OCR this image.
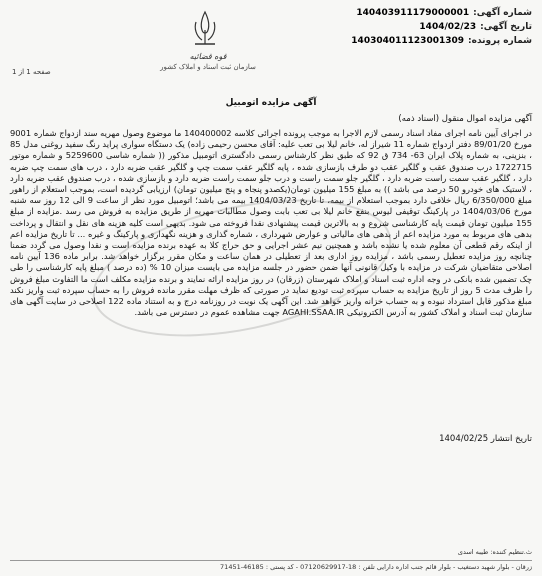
شماره آگهی:140403911179000001
تاریخ آگهی:1404/02/23
شماره پرونده:140304011123001309
قوه قضائیه
سازمان ثبت اسناد و املاک کشور
صفحه 1 از 1
آگهی مزایده اتومبیل
آگهی مزایده اموال منقول (اسناد ذمه)

در اجرای آیین نامه اجرای مفاد اسناد رسمی لازم الاجرا به موجب پرونده اجرائی کلاسه 140400002 ما موضوع وصول مهریه سند ازدواج شماره 9001 مورخ 89/01/20 دفتر ازدواج شماره 11 شیراز له، خانم لیلا بی تعب علیه: آقای محسن رحیمی زاده) یک دستگاه سواری پراید رنگ سفید روغنی مدل 85 ، بنزینی، به شماره پلاک ایران 63- 734 ق 92 که طبق نظر کارشناس رسمی دادگستری اتومبیل مذکور (( شماره شاسی 5259600 و شماره موتور 1722715 درب صندوق عقب و گلگیر عقب دو طرف بازسازی شده ، پایه گلگیر عقب سمت چپ و گلگیر عقب ضربه دارد ، درب های سمت چپ ضربه دارد ، گلگیر عقب سمت راست ضربه دارد ، گلگیر جلو سمت راست و درب جلو سمت راست ضربه دارد و بازسازی شده ، درب صندوق عقب ضربه دارد ، لاستیک های خودرو 50 درصد می باشد )) به مبلغ 155 میلیون تومان(یکصدو پنجاه و پنج میلیون تومان) ارزیابی گردیده است، بموجب استعلام از راهور مبلغ 6/350/000 ریال خلافی دارد بموجب استعلام از بیمه، تا تاریخ 1404/03/23 بیمه می باشد؛ اتومبیل مورد نظر از ساعت 9 الی 12 روز سه شنبه مورخ 1404/03/06 در پارکینگ توقیفی لیوس بنفع خانم لیلا بی تعب بابت وصول مطالبات مهریه از طریق مزایده به فروش می رسد .مزایده از مبلغ 155 میلیون تومان قیمت پایه کارشناسی شروع و به بالاترین قیمت پیشنهادی نقدا فروخته می شود. بدیهی است کلیه هزینه های نقل و انتقال و پرداخت بدهی های مربوط به مورد مزایده اعم از بدهی های مالیاتی و عوارض شهرداری ، شماره گذاری و هزینه نگهداری و پارکینگ و غیره ... تا تاریخ مزایده اعم از اینکه رقم قطعی آن معلوم شده یا نشده باشد و همچنین نیم عشر اجرایی و حق حراج کلا به عهده برنده مزایده است و نقدا وصول می گردد ضمنا چنانچه روز مزایده تعطیل رسمی باشد ، مزایده روز اداری بعد از تعطیلی در همان ساعت و مکان مقرر برگزار خواهد شد. برابر ماده 136 آیین نامه اصلاحی متقاضیان شرکت در مزایده با وکیل قانونی آنها ضمن حضور در جلسه مزایده می بایست میزان 10 % (ده درصد ) مبلغ پایه کارشناسی را طی چک تضمین شده بانکی در وجه اداره ثبت اسناد و املاک شهرستان (زرقان) در روز مزایده ارائه نمایند و برنده مزایده مکلف است ما التفاوت مبلغ فروش را ظرف مدت 5 روز از تاریخ مزایده به حساب سپرده ثبت تودیع نماید در صورتی که ظرف مهلت مقرر مانده فروش را به حساب سپرده ثبت واریز نکند مبلغ مذکور قابل استرداد نبوده و به حساب خزانه واریز خواهد شد. این آگهی یک نوبت در روزنامه درج و به استناد ماده 122 اصلاحی در سایت آگهی های سازمان ثبت اسناد و املاک کشور به آدرس الکترونیکی AGAHI.SSAA.IR جهت مشاهده عموم در دسترس می باشد.

تاریخ انتشار 1404/02/25
ث.تنظیم کننده: طیبه اسدی
زرقان - بلوار شهید دستغیب - بلوار قائم جنب اداره دارایی تلفن : 18-07120629917 - کد پستی : 46185-71451
